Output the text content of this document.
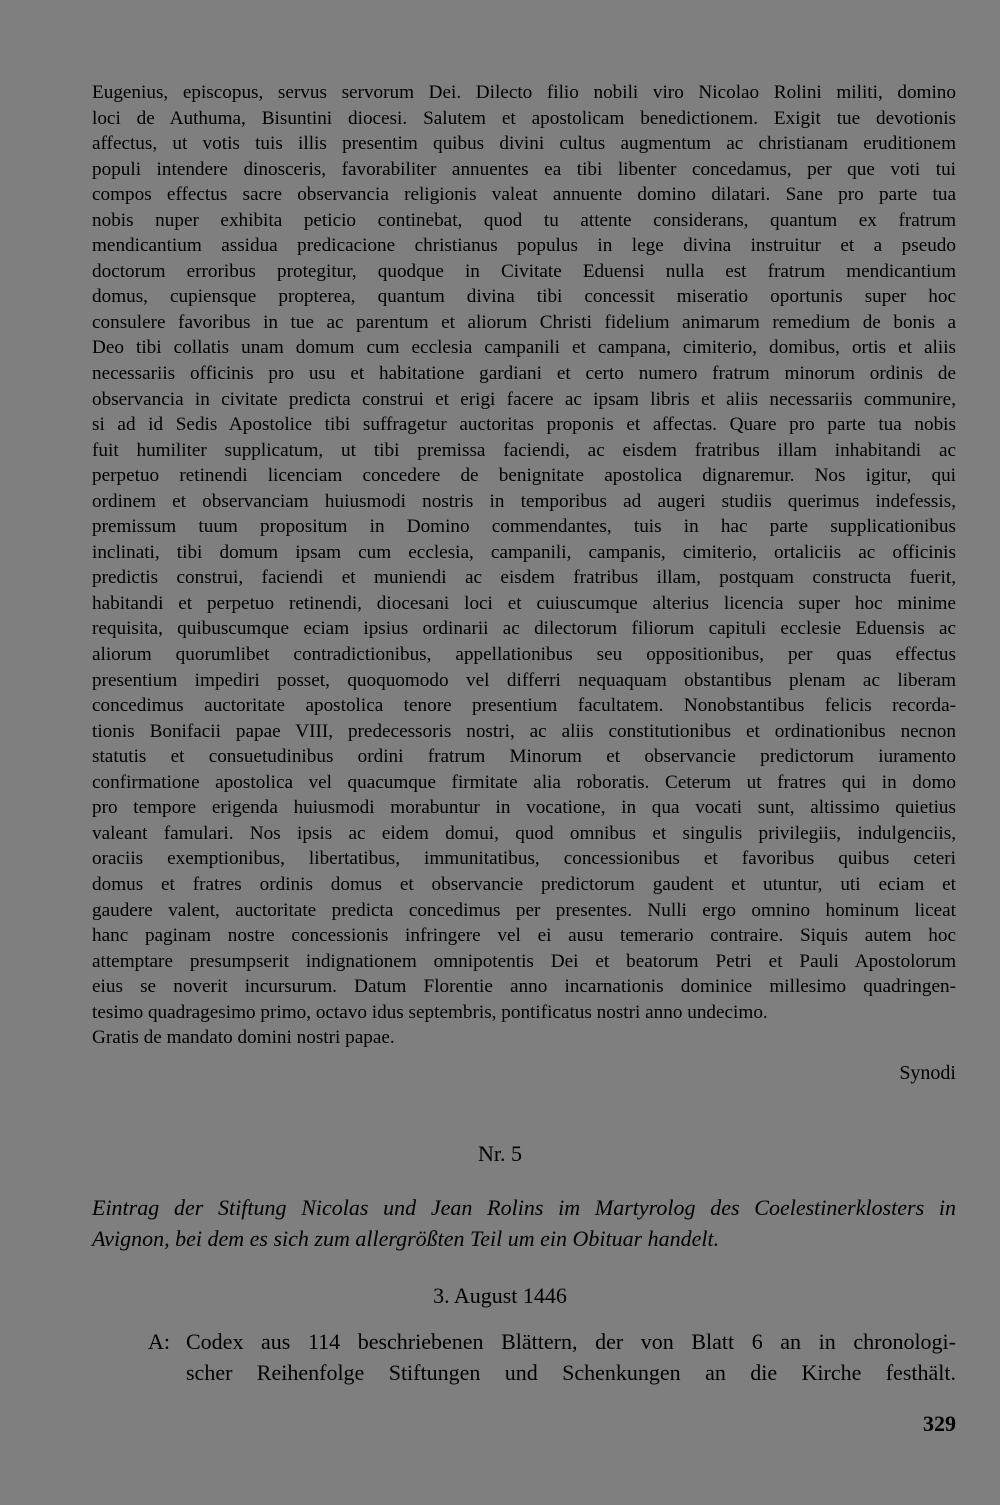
Eugenius, episcopus, servus servorum Dei. Dilecto filio nobili viro Nicolao Rolini militi, domino
loci de Authuma, Bisuntini diocesi. Salutem et apostolicam benedictionem. Exigit tue devotionis
affectus, ut votis tuis illis presentim quibus divini cultus augmentum ac christianam eruditionem
populi intendere dinosceris, favorabiliter annuentes ea tibi libenter concedamus, per que voti tui
compos effectus sacre observancia religionis valeat annuente domino dilatari. Sane pro parte tua
nobis nuper exhibita peticio continebat, quod tu attente considerans, quantum ex fratrum
mendicantium assidua predicacione christianus populus in lege divina instruitur et a pseudo
doctorum erroribus protegitur, quodque in Civitate Eduensi nulla est fratrum mendicantium
domus, cupiensque propterea, quantum divina tibi concessit miseratio oportunis super hoc
consulere favoribus in tue ac parentum et aliorum Christi fidelium animarum remedium de bonis a
Deo tibi collatis unam domum cum ecclesia campanili et campana, cimiterio, domibus, ortis et aliis
necessariis officinis pro usu et habitatione gardiani et certo numero fratrum minorum ordinis de
observancia in civitate predicta construi et erigi facere ac ipsam libris et aliis necessariis communire,
si ad id Sedis Apostolice tibi suffragetur auctoritas proponis et affectas. Quare pro parte tua nobis
fuit humiliter supplicatum, ut tibi premissa faciendi, ac eisdem fratribus illam inhabitandi ac
perpetuo retinendi licenciam concedere de benignitate apostolica dignaremur. Nos igitur, qui
ordinem et observanciam huiusmodi nostris in temporibus ad augeri studiis querimus indefessis,
premissum tuum propositum in Domino commendantes, tuis in hac parte supplicationibus
inclinati, tibi domum ipsam cum ecclesia, campanili, campanis, cimiterio, ortaliciis ac officinis
predictis construi, faciendi et muniendi ac eisdem fratribus illam, postquam constructa fuerit,
habitandi et perpetuo retinendi, diocesani loci et cuiuscumque alterius licencia super hoc minime
requisita, quibuscumque eciam ipsius ordinarii ac dilectorum filiorum capituli ecclesie Eduensis ac
aliorum quorumlibet contradictionibus, appellationibus seu oppositionibus, per quas effectus
presentium impediri posset, quoquomodo vel differri nequaquam obstantibus plenam ac liberam
concedimus auctoritate apostolica tenore presentium facultatem. Nonobstantibus felicis recorda-
tionis Bonifacii papae VIII, predecessoris nostri, ac aliis constitutionibus et ordinationibus necnon
statutis et consuetudinibus ordini fratrum Minorum et observancie predictorum iuramento
confirmatione apostolica vel quacumque firmitate alia roboratis. Ceterum ut fratres qui in domo
pro tempore erigenda huiusmodi morabuntur in vocatione, in qua vocati sunt, altissimo quietius
valeant famulari. Nos ipsis ac eidem domui, quod omnibus et singulis privilegiis, indulgenciis,
oraciis exemptionibus, libertatibus, immunitatibus, concessionibus et favoribus quibus ceteri
domus et fratres ordinis domus et observancie predictorum gaudent et utuntur, uti eciam et
gaudere valent, auctoritate predicta concedimus per presentes. Nulli ergo omnino hominum liceat
hanc paginam nostre concessionis infringere vel ei ausu temerario contraire. Siquis autem hoc
attemptare presumpserit indignationem omnipotentis Dei et beatorum Petri et Pauli Apostolorum
eius se noverit incursurum. Datum Florentie anno incarnationis dominice millesimo quadringen-
tesimo quadragesimo primo, octavo idus septembris, pontificatus nostri anno undecimo.
Gratis de mandato domini nostri papae.
Synodi
Nr. 5
Eintrag der Stiftung Nicolas und Jean Rolins im Martyrolog des Coelestinerklosters in
Avignon, bei dem es sich zum allergrößten Teil um ein Obituar handelt.
3. August 1446
A: Codex aus 114 beschriebenen Blättern, der von Blatt 6 an in chronologi-
scher Reihenfolge Stiftungen und Schenkungen an die Kirche festhält.
329
